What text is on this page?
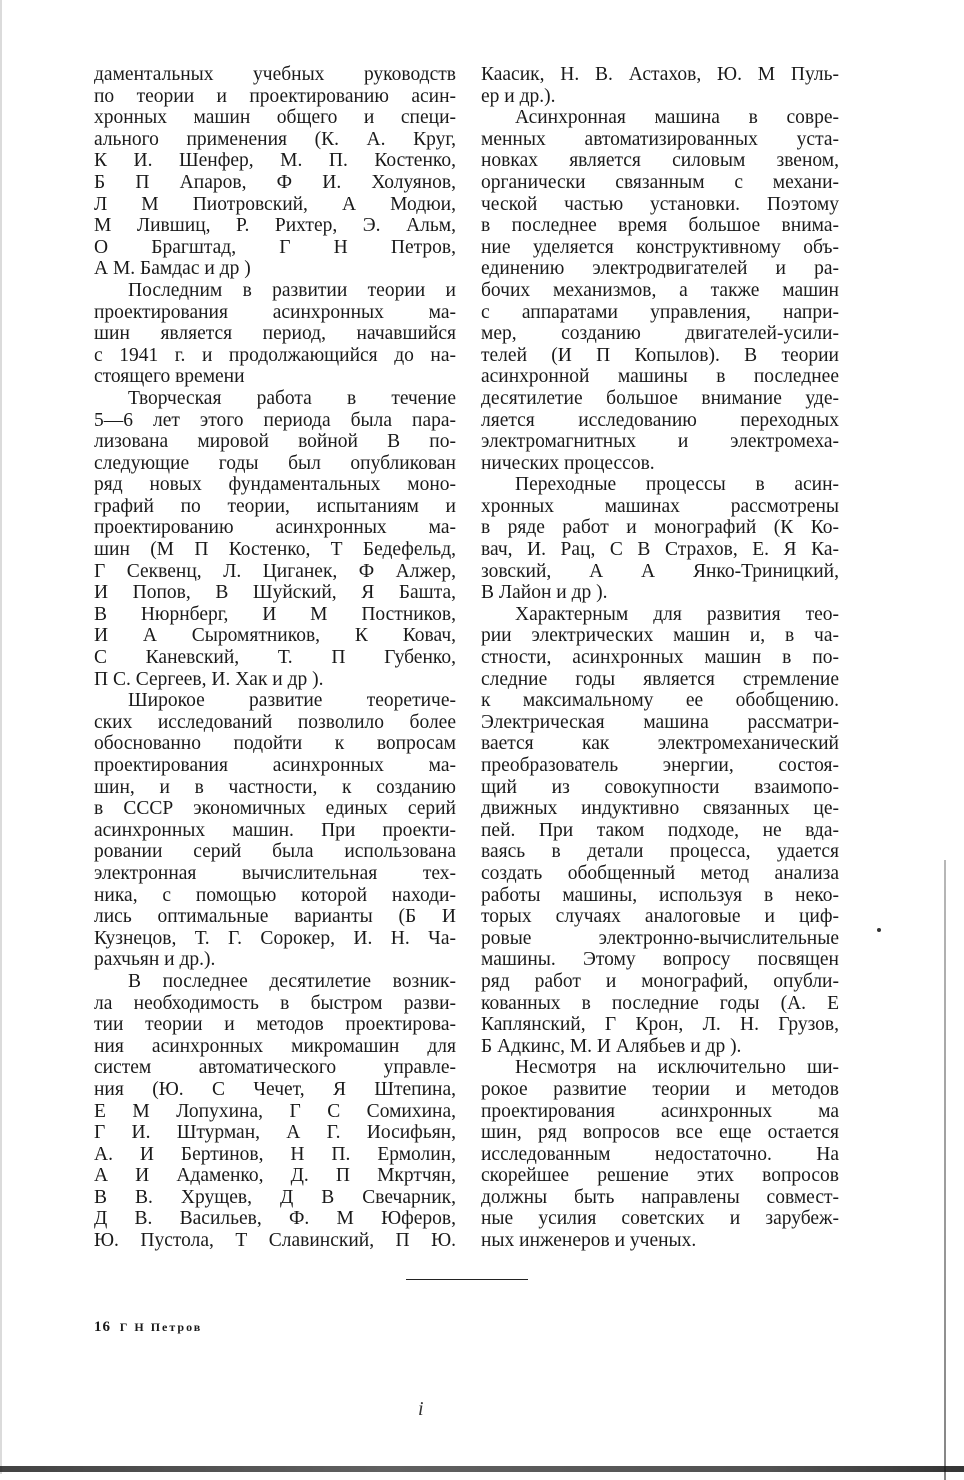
даментальных учебных руководств
по теории и проектированию асин-
хронных машин общего и специ-
ального применения (К. А. Круг,
К И. Шенфер, М. П. Костенко,
Б П Апаров, Ф И. Холуянов,
Л М Пиотровский, А Модюи,
М Лившиц, Р. Рихтер, Э. Альм,
О Брагштад, Г Н Петров,
А М. Бамдас и др )
Последним в развитии теории и
проектирования асинхронных ма-
шин является период, начавшийся
с 1941 г. и продолжающийся до на-
стоящего времени
Творческая работа в течение
5—6 лет этого периода была пара-
лизована мировой войной В по-
следующие годы был опубликован
ряд новых фундаментальных моно-
графий по теории, испытаниям и
проектированию асинхронных ма-
шин (М П Костенко, Т Бедефельд,
Г Секвенц, Л. Циганек, Ф Алжер,
И Попов, В Шуйский, Я Башта,
В Нюрнберг, И М Постников,
И А Сыромятников, К Ковач,
С Каневский, Т. П Губенко,
П С. Сергеев, И. Хак и др ).
Широкое развитие теоретиче-
ских исследований позволило более
обоснованно подойти к вопросам
проектирования асинхронных ма-
шин, и в частности, к созданию
в СССР экономичных единых серий
асинхронных машин. При проекти-
ровании серий была использована
электронная вычислительная тех-
ника, с помощью которой находи-
лись оптимальные варианты (Б И
Кузнецов, Т. Г. Сорокер, И. Н. Ча-
рахчьян и др.).
В последнее десятилетие возник-
ла необходимость в быстром разви-
тии теории и методов проектирова-
ния асинхронных микромашин для
систем автоматического управле-
ния (Ю. С Чечет, Я Штепина,
Е М Лопухина, Г С Сомихина,
Г И. Штурман, А Г. Иосифьян,
А. И Бертинов, Н П. Ермолин,
А И Адаменко, Д. П Мкртчян,
В В. Хрущев, Д В Свечарник,
Д В. Васильев, Ф. М Юферов,
Ю. Пустола, Т Славинский, П Ю.
Каасик, Н. В. Астахов, Ю. М Пуль-
ер и др.).
Асинхронная машина в совре-
менных автоматизированных уста-
новках является силовым звеном,
органически связанным с механи-
ческой частью установки. Поэтому
в последнее время большое внима-
ние уделяется конструктивному объ-
единению электродвигателей и ра-
бочих механизмов, а также машин
с аппаратами управления, напри-
мер, созданию двигателей-усили-
телей (И П Копылов). В теории
асинхронной машины в последнее
десятилетие большое внимание уде-
ляется исследованию переходных
электромагнитных и электромеха-
нических процессов.
Переходные процессы в асин-
хронных машинах рассмотрены
в ряде работ и монографий (К Ко-
вач, И. Рац, С В Страхов, Е. Я Ка-
зовский, А А Янко-Триницкий,
В Лайон и др ).
Характерным для развития тео-
рии электрических машин и, в ча-
стности, асинхронных машин в по-
следние годы является стремление
к максимальному ее обобщению.
Электрическая машина рассматри-
вается как электромеханический
преобразователь энергии, состоя-
щий из совокупности взаимопо-
движных индуктивно связанных це-
пей. При таком подходе, не вда-
ваясь в детали процесса, удается
создать обобщенный метод анализа
работы машины, используя в неко-
торых случаях аналоговые и циф-
ровые электронно-вычислительные
машины. Этому вопросу посвящен
ряд работ и монографий, опубли-
кованных в последние годы (А. Е
Каплянский, Г Крон, Л. Н. Грузов,
Б Адкинс, М. И Алябьев и др ).
Несмотря на исключительно ши-
рокое развитие теории и методов
проектирования асинхронных ма
шин, ряд вопросов все еще остается
исследованным недостаточно. На
скорейшее решение этих вопросов
должны быть направлены совмест-
ные усилия советских и зарубеж-
ных инженеров и ученых.
16 Г Н Петров
i
